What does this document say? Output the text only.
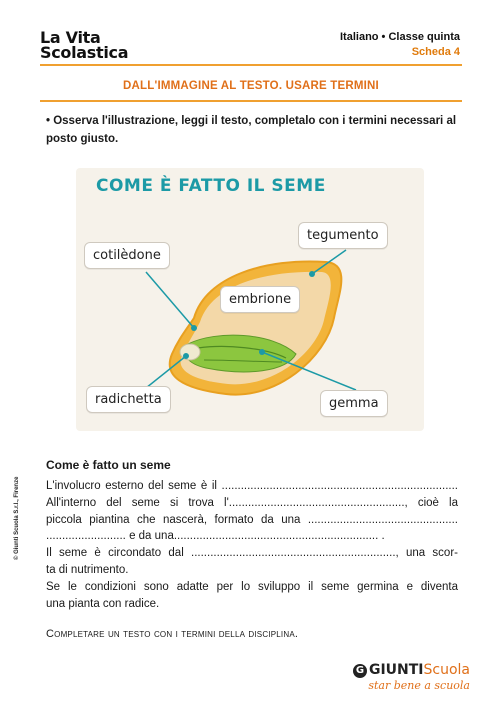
La Vita
Scolastica
Italiano • Classe quinta
Scheda 4
DALL'IMMAGINE AL TESTO. USARE TERMINI
• Osserva l'illustrazione, leggi il testo, completalo con i termini necessari al posto giusto.
COME È FATTO IL SEME
cotilèdone
tegumento
embrione
radichetta	gemma
Come è fatto un seme

L'involucro esterno del seme è il ..........................................................................

All'interno del seme si trova l'......................................................., cioè la

piccola piantina che nascerà, formato da una ...............................................

......................... e da una................................................................ .

Il seme è circondato dal ................................................................, una scor-

ta di nutrimento.

Se le condizioni sono adatte per lo sviluppo il seme germina e diventa

una pianta con radice.

Completare un testo con i termini della disciplina.
© Giunti Scuola S.r.l., Firenze
G GIUNTIScuola
star bene a scuola
